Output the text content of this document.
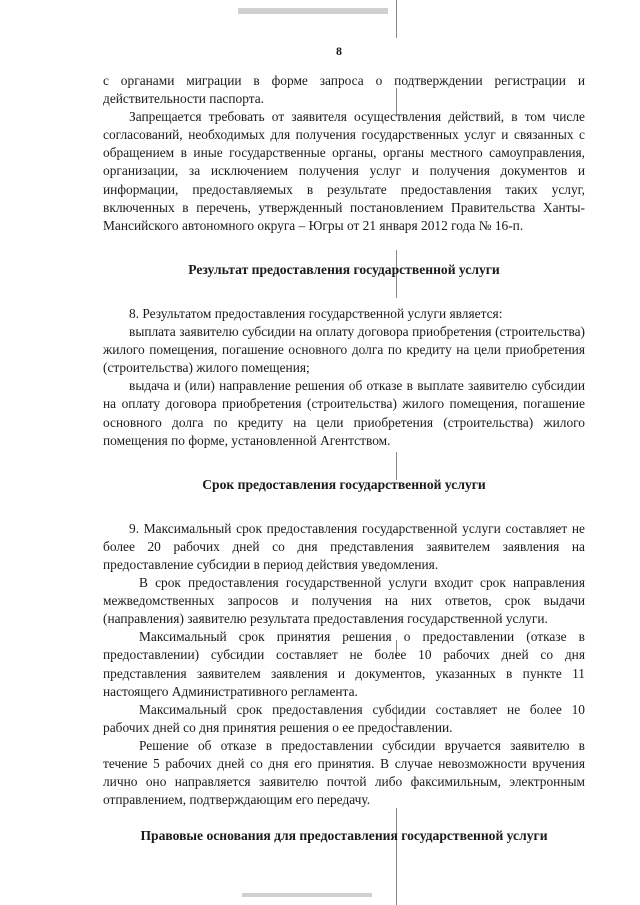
8

с органами миграции в форме запроса о подтверждении регистрации и действительности паспорта.

Запрещается требовать от заявителя осуществления действий, в том числе согласований, необходимых для получения государственных услуг и связанных с обращением в иные государственные органы, органы местного самоуправления, организации, за исключением получения услуг и получения документов и информации, предоставляемых в результате предоставления таких услуг, включенных в перечень, утвержденный постановлением Правительства Ханты-Мансийского автономного округа – Югры от 21 января 2012 года № 16-п.

Результат предоставления государственной услуги

8. Результатом предоставления государственной услуги является:

выплата заявителю субсидии на оплату договора приобретения (строительства) жилого помещения, погашение основного долга по кредиту на цели приобретения (строительства) жилого помещения;

выдача и (или) направление решения об отказе в выплате заявителю субсидии на оплату договора приобретения (строительства) жилого помещения, погашение основного долга по кредиту на цели приобретения (строительства) жилого помещения по форме, установленной Агентством.

Срок предоставления государственной услуги

9. Максимальный срок предоставления государственной услуги составляет не более 20 рабочих дней со дня представления заявителем заявления на предоставление субсидии в период действия уведомления.

В срок предоставления государственной услуги входит срок направления межведомственных запросов и получения на них ответов, срок выдачи (направления) заявителю результата предоставления государственной услуги.

Максимальный срок принятия решения о предоставлении (отказе в предоставлении) субсидии составляет не более 10 рабочих дней со дня представления заявителем заявления и документов, указанных в пункте 11 настоящего Административного регламента.

Максимальный срок предоставления субсидии составляет не более 10 рабочих дней со дня принятия решения о ее предоставлении.

Решение об отказе в предоставлении субсидии вручается заявителю в течение 5 рабочих дней со дня его принятия. В случае невозможности вручения лично оно направляется заявителю почтой либо факсимильным, электронным отправлением, подтверждающим его передачу.

Правовые основания для предоставления государственной услуги
